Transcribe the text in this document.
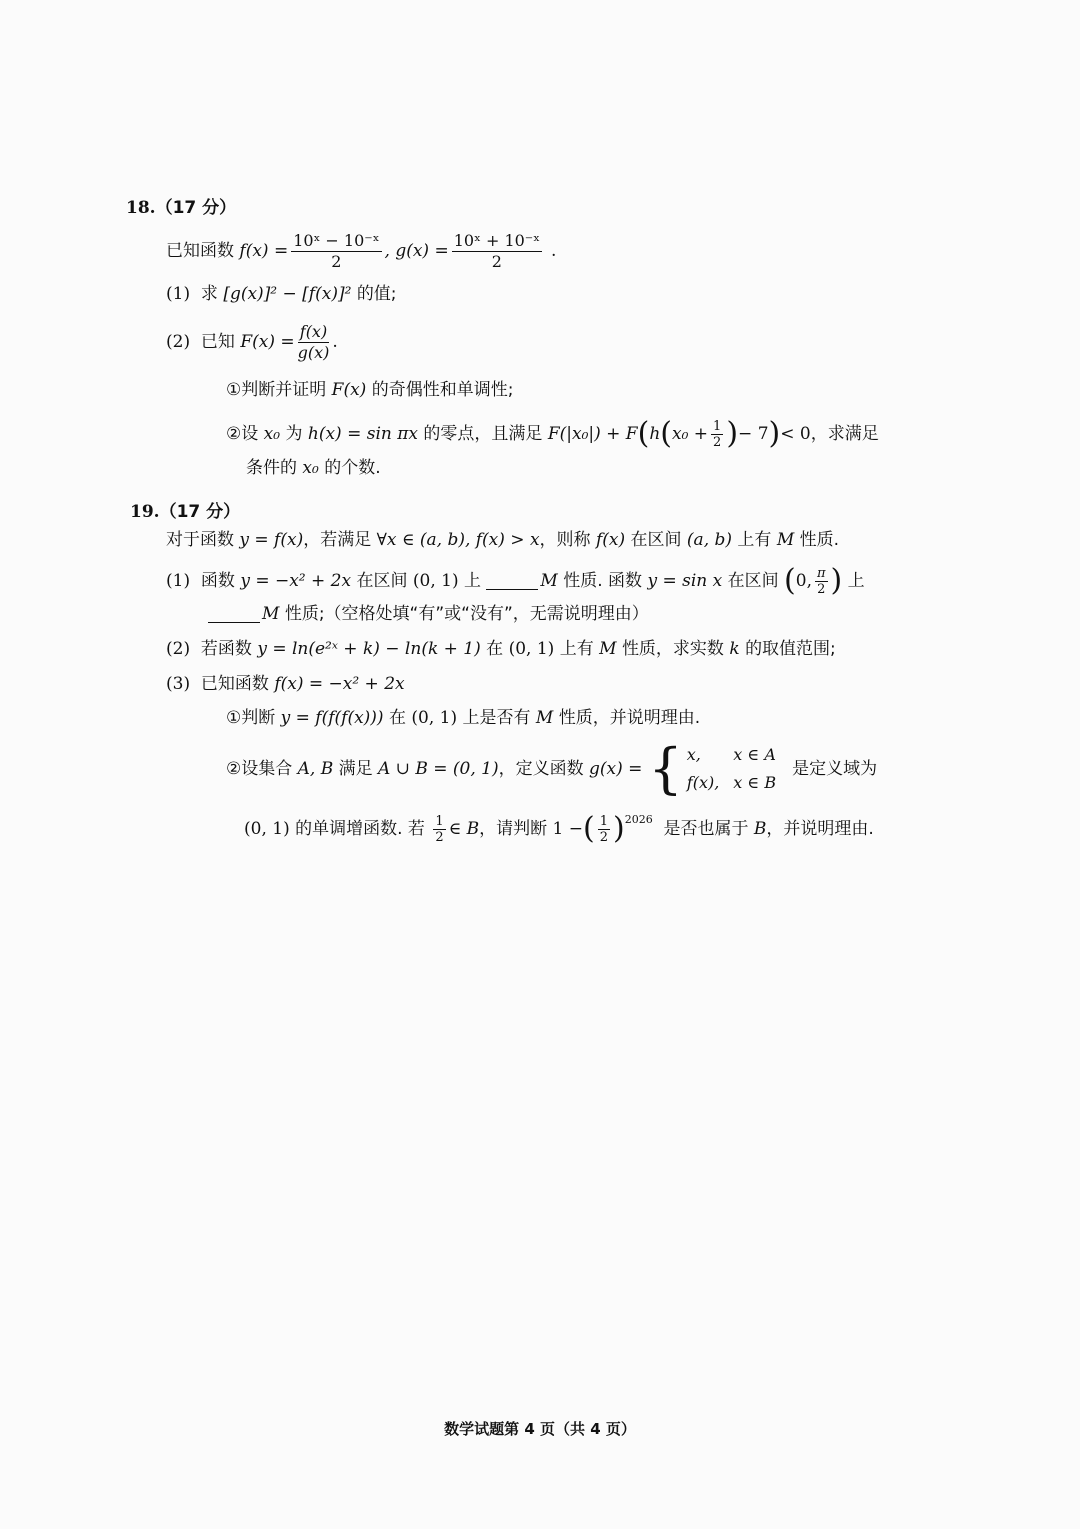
18. （17 分）
已知函数
$f(x) = \frac{\text{10ˣ − 10⁻ˣ}}{2}$ , $g(x) = \frac{\text{10ˣ + 10⁻ˣ}}{2}$ .
(1)
求
[g(x)]² − [f(x)]²
的值;
(2)
已知
$F(x) = \frac{f(x)}{g(x)}$ .
① 判断并证明
F(x)
的奇偶性和单调性;
② 设
x₀
为
h(x) = sin πx
的零点，且满足
F(|x₀|) + F ( h ( $x_0 + \frac{1}{2}$ ) − 7 ) < 0 ，求满足
条件的
x₀
的个数.
19. （17 分）
对于函数
y = f(x) ，若满足
∀x ∈ (a, b), f(x) > x ，则称
f(x)
在区间
(a, b)
上有
M
性质.
(1)
函数
y = −x² + 2x
在区间
(0, 1)
上
	M
性质. 函数
y = sin x
在区间
( 0, $\frac{\pi}{2}$ )
上
M
性质;（空格处填“有”或“没有”，无需说明理由）
(2)
若函数
y = ln(e²ˣ + k) − ln(k + 1)
在
(0, 1)
上有
M
性质，求实数
k
的取值范围;
(3)
已知函数
f(x) = −x² + 2x
① 判断
y = f(f(f(x)))
在
(0, 1)
上是否有
M
性质，并说明理由.
② 设集合
A, B
满足
A ∪ B = (0, 1) ，定义函数
g(x) = { x,	x ∈ A
f(x),	x ∈ B
是定义域为
(0, 1)
的单调增函数. 若
$\frac{1}{2}$ ∈ B ，请判断
1 − ( $\frac{1}{2}$ ) 2026
是否也属于
B ，并说明理由.
数学试题第 4 页（共 4 页）
